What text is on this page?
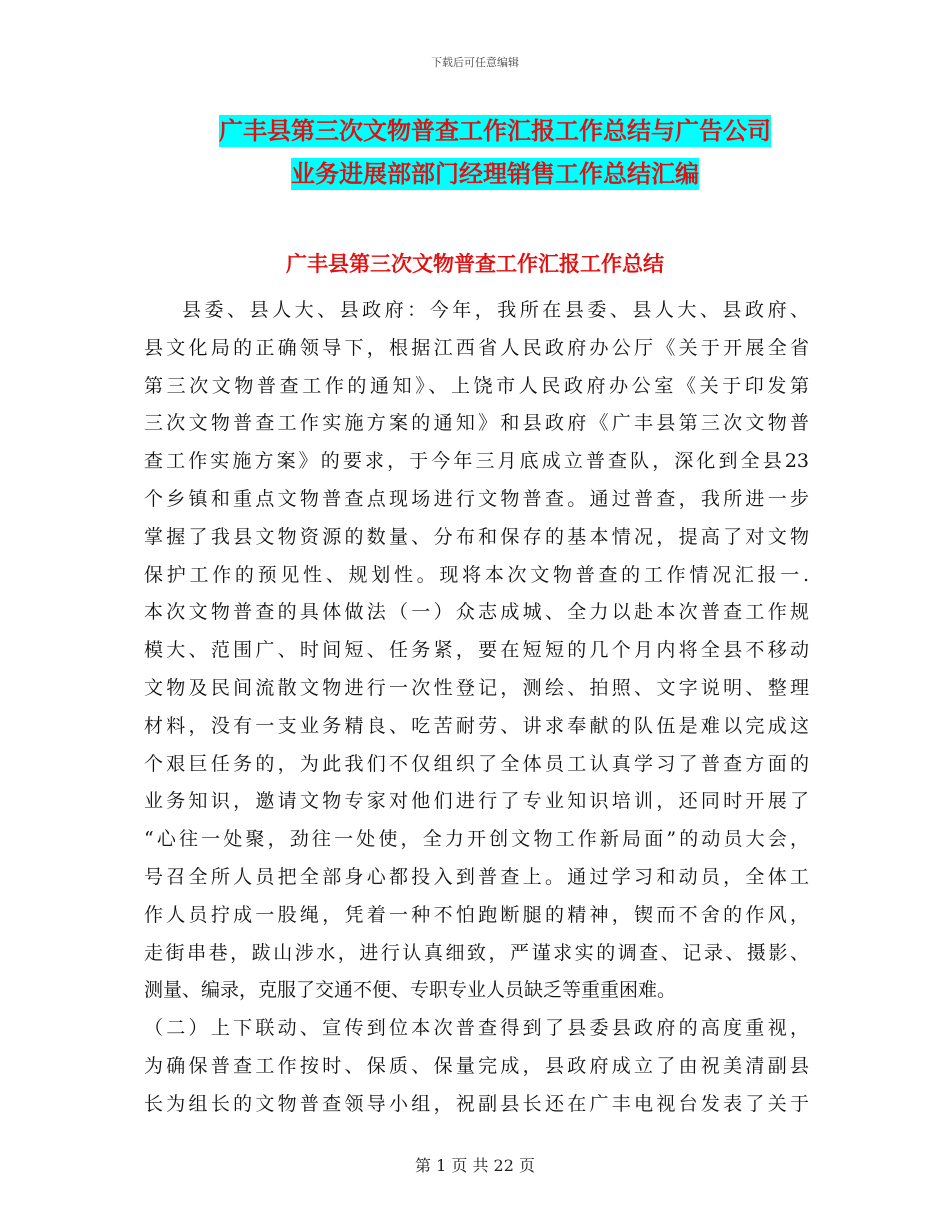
下载后可任意编辑
广丰县第三次文物普查工作汇报工作总结与广告公司
业务进展部部门经理销售工作总结汇编
广丰县第三次文物普查工作汇报工作总结
县委、县人大、县政府：今年，我所在县委、县人大、县政府、
县文化局的正确领导下，根据江西省人民政府办公厅《关于开展全省
第三次文物普查工作的通知》、上饶市人民政府办公室《关于印发第
三次文物普查工作实施方案的通知》和县政府《广丰县第三次文物普
查工作实施方案》的要求，于今年三月底成立普查队，深化到全县23
个乡镇和重点文物普查点现场进行文物普查。通过普查，我所进一步
掌握了我县文物资源的数量、分布和保存的基本情况，提高了对文物
保护工作的预见性、规划性。现将本次文物普查的工作情况汇报一.
本次文物普查的具体做法（一）众志成城、全力以赴本次普查工作规
模大、范围广、时间短、任务紧，要在短短的几个月内将全县不移动
文物及民间流散文物进行一次性登记，测绘、拍照、文字说明、整理
材料，没有一支业务精良、吃苦耐劳、讲求奉献的队伍是难以完成这
个艰巨任务的，为此我们不仅组织了全体员工认真学习了普查方面的
业务知识，邀请文物专家对他们进行了专业知识培训，还同时开展了
“心往一处聚，劲往一处使，全力开创文物工作新局面”的动员大会，
号召全所人员把全部身心都投入到普查上。通过学习和动员，全体工
作人员拧成一股绳，凭着一种不怕跑断腿的精神，锲而不舍的作风，
走街串巷，跋山涉水，进行认真细致，严谨求实的调查、记录、摄影、
测量、编录，克服了交通不便、专职专业人员缺乏等重重困难。
（二）上下联动、宣传到位本次普查得到了县委县政府的高度重视，
为确保普查工作按时、保质、保量完成，县政府成立了由祝美清副县
长为组长的文物普查领导小组，祝副县长还在广丰电视台发表了关于
第 1 页 共 22 页
